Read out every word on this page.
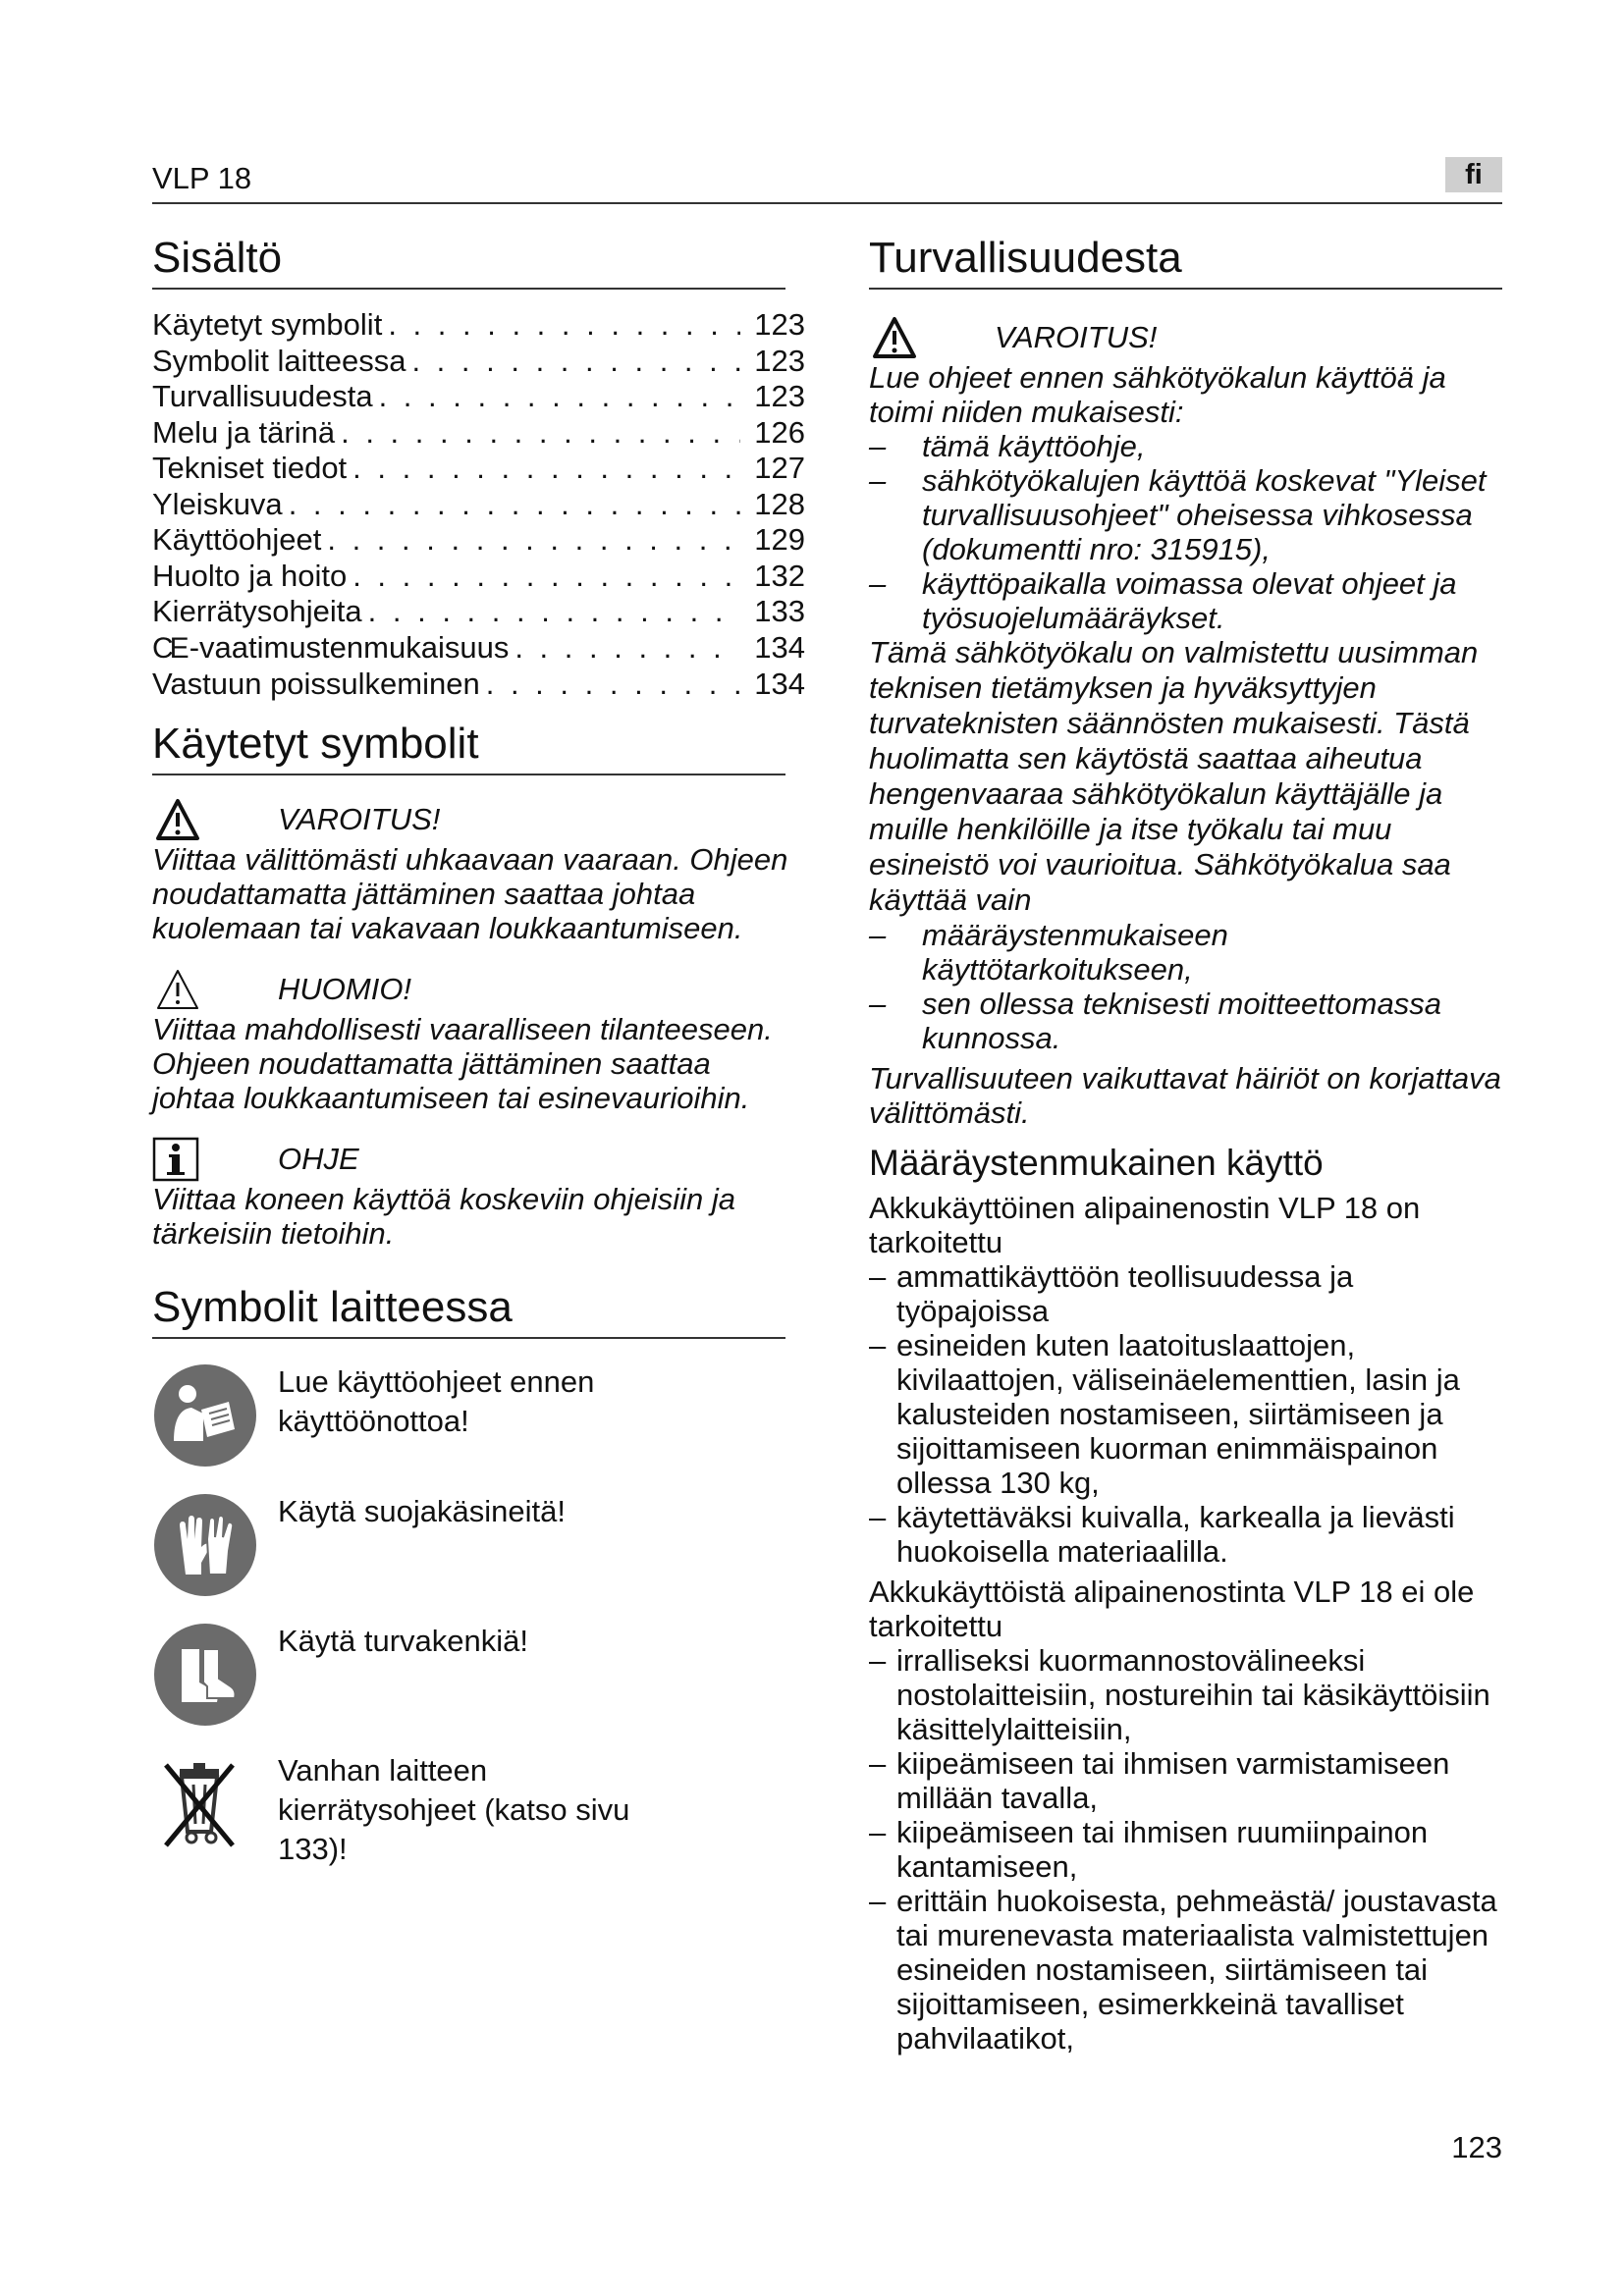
VLP 18	fi
Sisältö
Käytetyt symbolit . . .	123
Symbolit laitteessa . . .	123
Turvallisuudesta . . .	123
Melu ja tärinä . . .	126
Tekniset tiedot . . .	127
Yleiskuva . . .	128
Käyttöohjeet . . .	129
Huolto ja hoito . . .	132
Kierrätysohjeita . . .	133
CE -vaatimustenmukaisuus . . .	134
Vastuun poissulkeminen . . .	134
Käytetyt symbolit
VAROITUS!

Viittaa välittömästi uhkaavaan vaaraan. Ohjeen noudattamatta jättäminen saattaa johtaa kuolemaan tai vakavaan loukkaantumiseen.

HUOMIO!

Viittaa mahdollisesti vaaralliseen tilanteeseen. Ohjeen noudattamatta jättäminen saattaa johtaa loukkaantumiseen tai esinevaurioihin.

OHJE

Viittaa koneen käyttöä koskeviin ohjeisiin ja tärkeisiin tietoihin.

Symbolit laitteessa
Lue käyttöohjeet ennen käyttöönottoa!
Käytä suojakäsineitä!
Käytä turvakenkiä!
Vanhan laitteen kierrätysohjeet (katso sivu 133)!
Turvallisuudesta
VAROITUS!

Lue ohjeet ennen sähkötyökalun käyttöä ja toimi niiden mukaisesti:

– tämä käyttöohje,
– sähkötyökalujen käyttöä koskevat "Yleiset turvallisuusohjeet" oheisessa vihkosessa (dokumentti nro: 315915),
– käyttöpaikalla voimassa olevat ohjeet ja työsuojelumääräykset.

Tämä sähkötyökalu on valmistettu uusimman teknisen tietämyksen ja hyväksyttyjen turvateknisten säännösten mukaisesti. Tästä huolimatta sen käytöstä saattaa aiheutua hengenvaaraa sähkötyökalun käyttäjälle ja muille henkilöille ja itse työkalu tai muu esineistö voi vaurioitua. Sähkötyökalua saa käyttää vain

– määräystenmukaiseen käyttötarkoitukseen,
– sen ollessa teknisesti moitteettomassa kunnossa.

Turvallisuuteen vaikuttavat häiriöt on korjattava välittömästi.

Määräystenmukainen käyttö

Akkukäyttöinen alipainenostin VLP 18 on tarkoitettu

– ammattikäyttöön teollisuudessa ja työpajoissa
– esineiden kuten laatoituslaattojen, kivilaattojen, väliseinäelementtien, lasin ja kalusteiden nostamiseen, siirtämiseen ja sijoittamiseen kuorman enimmäispainon ollessa 130 kg,
– käytettäväksi kuivalla, karkealla ja lievästi huokoisella materiaalilla.

Akkukäyttöistä alipainenostinta VLP 18 ei ole tarkoitettu

– irralliseksi kuormannostovälineeksi nostolaitteisiin, nostureihin tai käsikäyttöisiin käsittelylaitteisiin,
– kiipeämiseen tai ihmisen varmistamiseen millään tavalla,
– kiipeämiseen tai ihmisen ruumiinpainon kantamiseen,
– erittäin huokoisesta, pehmeästä/ joustavasta tai murenevasta materiaalista valmistettujen esineiden nostamiseen, siirtämiseen tai sijoittamiseen, esimerkkeinä tavalliset pahvilaatikot,
123
